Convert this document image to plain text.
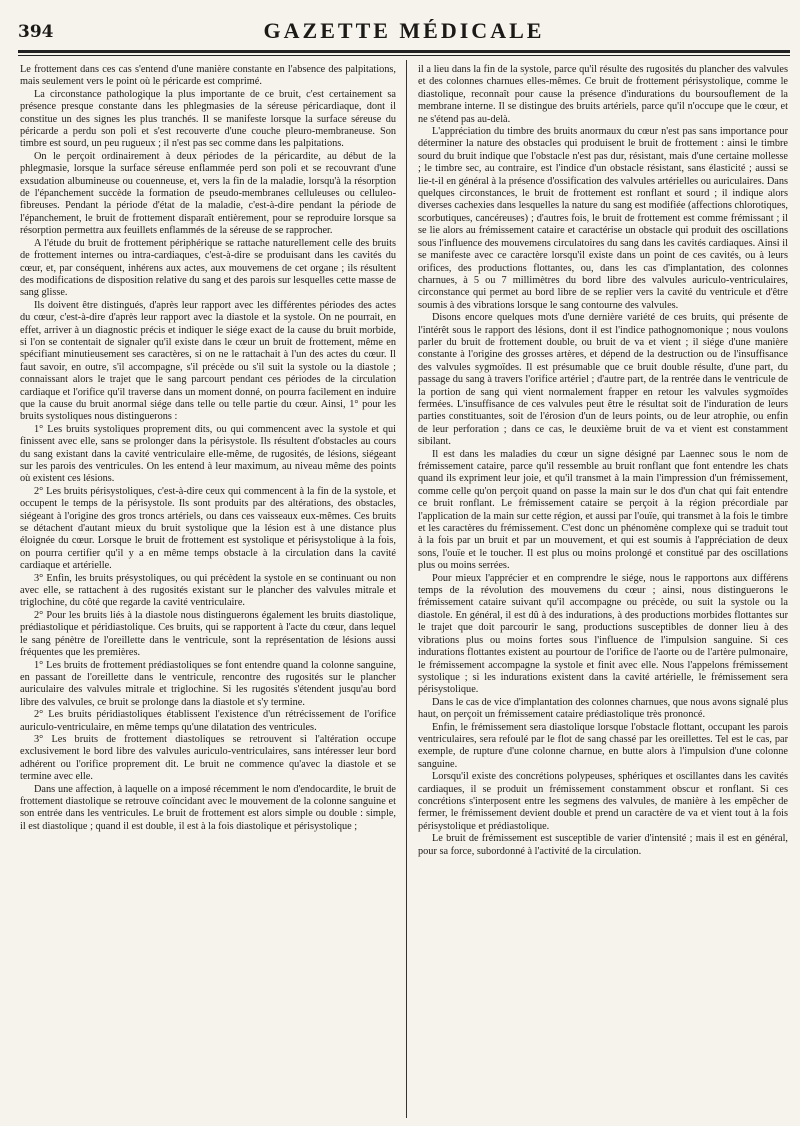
394	GAZETTE MÉDICALE

Le frottement dans ces cas s'entend d'une manière constante en l'absence des palpitations, mais seulement vers le point où le péricarde est comprimé.

La circonstance pathologique la plus importante de ce bruit, c'est certainement sa présence presque constante dans les phlegmasies de la séreuse péricardiaque, dont il constitue un des signes les plus tranchés. Il se manifeste lorsque la surface séreuse du péricarde a perdu son poli et s'est recouverte d'une couche pleuro-membraneuse. Son timbre est sourd, un peu rugueux ; il n'est pas sec comme dans les palpitations.

On le perçoit ordinairement à deux périodes de la péricardite, au début de la phlegmasie, lorsque la surface séreuse enflammée perd son poli et se recouvrant d'une exsudation albumineuse ou couenneuse, et, vers la fin de la maladie, lorsqu'à la résorption de l'épanchement succède la formation de pseudo-membranes celluleuses ou celluleo-fibreuses. Pendant la période d'état de la maladie, c'est-à-dire pendant la période de l'épanchement, le bruit de frottement disparaît entièrement, pour se reproduire lorsque sa résorption permettra aux feuillets enflammés de la séreuse de se rapprocher.

A l'étude du bruit de frottement périphérique se rattache naturellement celle des bruits de frottement internes ou intra-cardiaques, c'est-à-dire se produisant dans les cavités du cœur, et, par conséquent, inhérens aux actes, aux mouvemens de cet organe ; ils résultent des modifications de disposition relative du sang et des parois sur lesquelles cette masse de sang glisse.

Ils doivent être distingués, d'après leur rapport avec les différentes périodes des actes du cœur, c'est-à-dire d'après leur rapport avec la diastole et la systole. On ne pourrait, en effet, arriver à un diagnostic précis et indiquer le siége exact de la cause du bruit morbide, si l'on se contentait de signaler qu'il existe dans le cœur un bruit de frottement, même en spécifiant minutieusement ses caractères, si on ne le rattachait à l'un des actes du cœur. Il faut savoir, en outre, s'il accompagne, s'il précède ou s'il suit la systole ou la diastole ; connaissant alors le trajet que le sang parcourt pendant ces périodes de la circulation cardiaque et l'orifice qu'il traverse dans un moment donné, on pourra facilement en induire que la cause du bruit anormal siége dans telle ou telle partie du cœur. Ainsi, 1° pour les bruits systoliques nous distinguerons :

1° Les bruits systoliques proprement dits, ou qui commencent avec la systole et qui finissent avec elle, sans se prolonger dans la périsystole. Ils résultent d'obstacles au cours du sang existant dans la cavité ventriculaire elle-même, de rugosités, de lésions, siégeant sur les parois des ventricules. On les entend à leur maximum, au niveau même des points où existent ces lésions.

2° Les bruits périsystoliques, c'est-à-dire ceux qui commencent à la fin de la systole, et occupent le temps de la périsystole. Ils sont produits par des altérations, des obstacles, siégeant à l'origine des gros troncs artériels, ou dans ces vaisseaux eux-mêmes. Ces bruits se détachent d'autant mieux du bruit systolique que la lésion est à une distance plus éloignée du cœur. Lorsque le bruit de frottement est systolique et périsystolique à la fois, on pourra certifier qu'il y a en même temps obstacle à la circulation dans la cavité cardiaque et artérielle.

3° Enfin, les bruits présystoliques, ou qui précèdent la systole en se continuant ou non avec elle, se rattachent à des rugosités existant sur le plancher des valvules mitrale et triglochine, du côté que regarde la cavité ventriculaire.

2° Pour les bruits liés à la diastole nous distinguerons également les bruits diastolique, prédiastolique et péridiastolique. Ces bruits, qui se rapportent à l'acte du cœur, dans lequel le sang pénètre de l'oreillette dans le ventricule, sont la représentation de lésions aussi fréquentes que les premières.

1° Les bruits de frottement prédiastoliques se font entendre quand la colonne sanguine, en passant de l'oreillette dans le ventricule, rencontre des rugosités sur le plancher auriculaire des valvules mitrale et triglochine. Si les rugosités s'étendent jusqu'au bord libre des valvules, ce bruit se prolonge dans la diastole et s'y termine.

2° Les bruits péridiastoliques établissent l'existence d'un rétrécissement de l'orifice auriculo-ventriculaire, en même temps qu'une dilatation des ventricules.

3° Les bruits de frottement diastoliques se retrouvent si l'altération occupe exclusivement le bord libre des valvules auriculo-ventriculaires, sans intéresser leur bord adhérent ou l'orifice proprement dit. Le bruit ne commence qu'avec la diastole et se termine avec elle.

Dans une affection, à laquelle on a imposé récemment le nom d'endocardite, le bruit de frottement diastolique se retrouve coïncidant avec le mouvement de la colonne sanguine et son entrée dans les ventricules. Le bruit de frottement est alors simple ou double : simple, il est diastolique ; quand il est double, il est à la fois diastolique et périsystolique ;

il a lieu dans la fin de la systole, parce qu'il résulte des rugosités du plancher des valvules et des colonnes charnues elles-mêmes. Ce bruit de frottement périsystolique, comme le diastolique, reconnaît pour cause la présence d'indurations du boursouflement de la membrane interne. Il se distingue des bruits artériels, parce qu'il n'occupe que le cœur, et ne s'étend pas au-delà.

L'appréciation du timbre des bruits anormaux du cœur n'est pas sans importance pour déterminer la nature des obstacles qui produisent le bruit de frottement : ainsi le timbre sourd du bruit indique que l'obstacle n'est pas dur, résistant, mais d'une certaine mollesse ; le timbre sec, au contraire, est l'indice d'un obstacle résistant, sans élasticité ; aussi se lie-t-il en général à la présence d'ossification des valvules artérielles ou auriculaires. Dans quelques circonstances, le bruit de frottement est ronflant et sourd ; il indique alors diverses cachexies dans lesquelles la nature du sang est modifiée (affections chlorotiques, scorbutiques, cancéreuses) ; d'autres fois, le bruit de frottement est comme frémissant ; il se lie alors au frémissement cataire et caractérise un obstacle qui produit des oscillations sous l'influence des mouvemens circulatoires du sang dans les cavités cardiaques. Ainsi il se manifeste avec ce caractère lorsqu'il existe dans un point de ces cavités, ou à leurs orifices, des productions flottantes, ou, dans les cas d'implantation, des colonnes charnues, à 5 ou 7 millimètres du bord libre des valvules auriculo-ventriculaires, circonstance qui permet au bord libre de se replier vers la cavité du ventricule et d'être soumis à des vibrations lorsque le sang contourne des valvules.

Disons encore quelques mots d'une dernière variété de ces bruits, qui présente de l'intérêt sous le rapport des lésions, dont il est l'indice pathognomonique ; nous voulons parler du bruit de frottement double, ou bruit de va et vient ; il siége d'une manière constante à l'origine des grosses artères, et dépend de la destruction ou de l'insuffisance des valvules sygmoïdes. Il est présumable que ce bruit double résulte, d'une part, du passage du sang à travers l'orifice artériel ; d'autre part, de la rentrée dans le ventricule de la portion de sang qui vient normalement frapper en retour les valvules sygmoïdes fermées. L'insuffisance de ces valvules peut être le résultat soit de l'induration de leurs parties constituantes, soit de l'érosion d'un de leurs points, ou de leur atrophie, ou enfin de leur perforation ; dans ce cas, le deuxième bruit de va et vient est constamment sibilant.

Il est dans les maladies du cœur un signe désigné par Laennec sous le nom de frémissement cataire, parce qu'il ressemble au bruit ronflant que font entendre les chats quand ils expriment leur joie, et qu'il transmet à la main l'impression d'un frémissement, comme celle qu'on perçoit quand on passe la main sur le dos d'un chat qui fait entendre ce bruit ronflant. Le frémissement cataire se perçoit à la région précordiale par l'application de la main sur cette région, et aussi par l'ouïe, qui transmet à la fois le timbre et les caractères du frémissement. C'est donc un phénomène complexe qui se traduit tout à la fois par un bruit et par un mouvement, et qui est soumis à l'appréciation de deux sons, l'ouïe et le toucher. Il est plus ou moins prolongé et constitué par des oscillations plus ou moins serrées.

Pour mieux l'apprécier et en comprendre le siége, nous le rapportons aux différens temps de la révolution des mouvemens du cœur ; ainsi, nous distinguerons le frémissement cataire suivant qu'il accompagne ou précède, ou suit la systole ou la diastole. En général, il est dû à des indurations, à des productions morbides flottantes sur le trajet que doit parcourir le sang, productions susceptibles de donner lieu à des vibrations plus ou moins fortes sous l'influence de l'impulsion sanguine. Si ces indurations flottantes existent au pourtour de l'orifice de l'aorte ou de l'artère pulmonaire, le frémissement accompagne la systole et finit avec elle. Nous l'appelons frémissement systolique ; si les indurations existent dans la cavité artérielle, le frémissement sera périsystolique.

Dans le cas de vice d'implantation des colonnes charnues, que nous avons signalé plus haut, on perçoit un frémissement cataire prédiastolique très prononcé.

Enfin, le frémissement sera diastolique lorsque l'obstacle flottant, occupant les parois ventriculaires, sera refoulé par le flot de sang chassé par les oreillettes. Tel est le cas, par exemple, de rupture d'une colonne charnue, en butte alors à l'impulsion d'une colonne sanguine.

Lorsqu'il existe des concrétions polypeuses, sphériques et oscillantes dans les cavités cardiaques, il se produit un frémissement constamment obscur et ronflant. Si ces concrétions s'interposent entre les segmens des valvules, de manière à les empêcher de fermer, le frémissement devient double et prend un caractère de va et vient tout à la fois périsystolique et prédiastolique.

Le bruit de frémissement est susceptible de varier d'intensité ; mais il est en général, pour sa force, subordonné à l'activité de la circulation.
